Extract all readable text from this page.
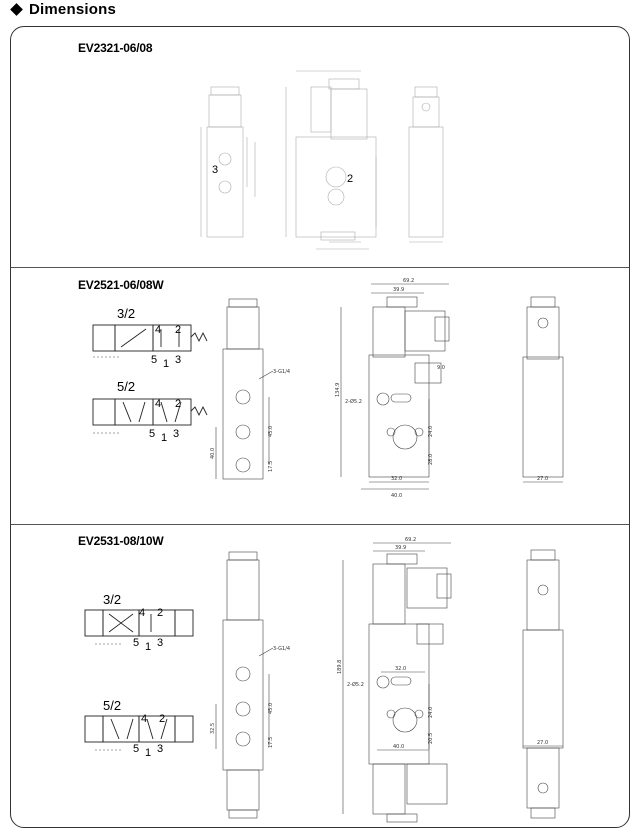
Dimensions
EV2321-06/08
3
2
EV2521-06/08W
3/2
4 2
5 1 3
5/2
4 2
5 1 3
3-G1/4
45.0
40.0
17.5
69.2
39.9
9.0
134.9
2-Ø5.2
24.0
28.0
32.0
40.0
27.0
EV2531-08/10W
3/2
4 2
5 1 3
5/2
4 2
5 1 3
3-G1/4
45.0
32.5
17.5
69.2
39.9
189.8
2-Ø5.2
32.0
24.0
20.5
40.0
27.0
